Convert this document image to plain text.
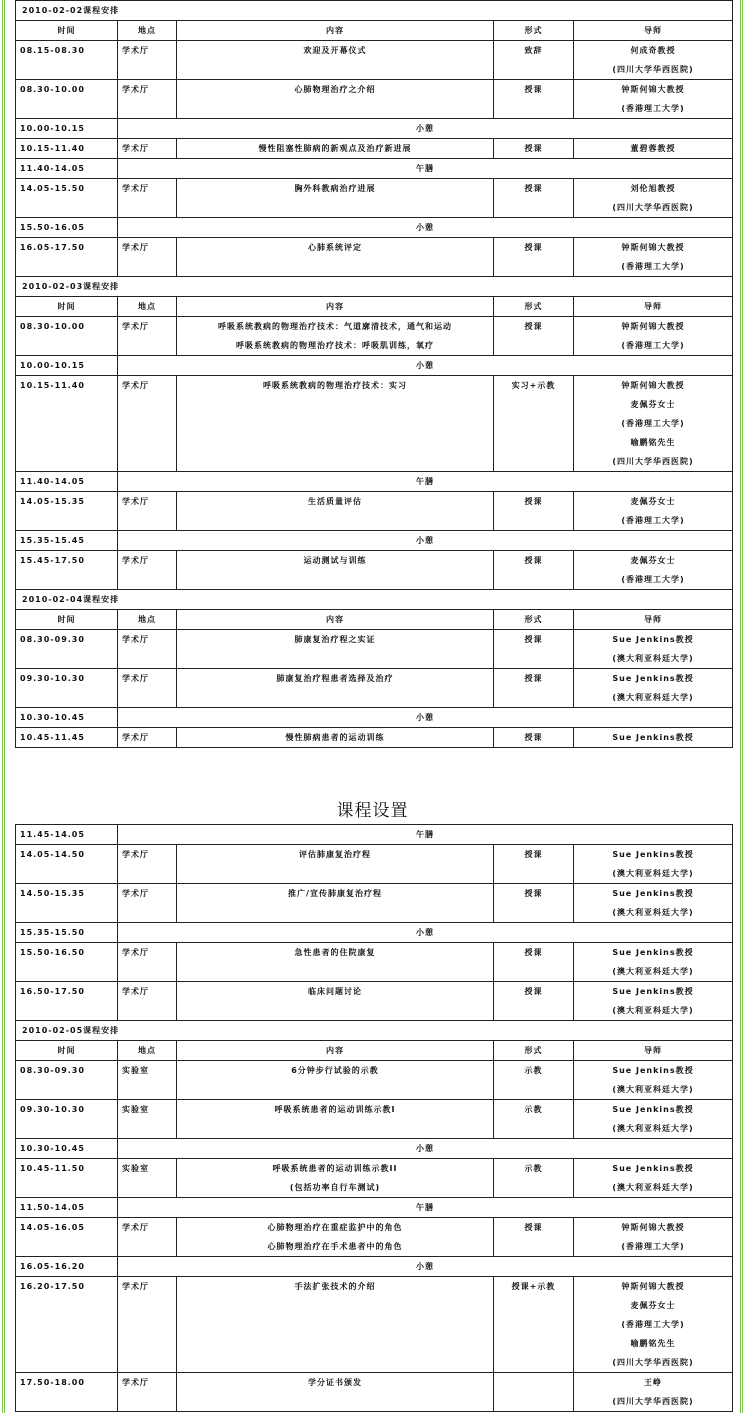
2010-02-02课程安排				
时间	地点	内容	形式	导师
08.15-08.30	学术厅	欢迎及开幕仪式	致辞	何成奇教授
(四川大学华西医院)

08.30-10.00	学术厅	心肺物理治疗之介绍	授课	钟斯何锦大教授
(香港理工大学)

10.00-10.15	小憩			
10.15-11.40	学术厅	慢性阻塞性肺病的新观点及治疗新进展	授课	董碧蓉教授

11.40-14.05	午膳			
14.05-15.50	学术厅	胸外科教病治疗进展	授课	刘伦旭教授
(四川大学华西医院)

15.50-16.05	小憩			
16.05-17.50	学术厅	心肺系统评定	授课	钟斯何锦大教授
(香港理工大学)

2010-02-03课程安排				
时间	地点	内容	形式	导师
08.30-10.00	学术厅	呼吸系统教病的物理治疗技术：气道廓清技术，通气和运动
呼吸系统教病的物理治疗技术：呼吸肌训练，氧疗	授课	钟斯何锦大教授
(香港理工大学)

10.00-10.15	小憩			
10.15-11.40	学术厅	呼吸系统教病的物理治疗技术：实习	实习+示教	钟斯何锦大教授
麦佩芬女士
(香港理工大学)
喻鹏铭先生
(四川大学华西医院)

11.40-14.05	午膳			
14.05-15.35	学术厅	生活质量评估	授课	麦佩芬女士
(香港理工大学)

15.35-15.45	小憩			
15.45-17.50	学术厅	运动测试与训练	授课	麦佩芬女士
(香港理工大学)

2010-02-04课程安排				
时间	地点	内容	形式	导师
08.30-09.30	学术厅	肺康复治疗程之实证	授课	Sue Jenkins教授
(澳大利亚科廷大学)

09.30-10.30	学术厅	肺康复治疗程患者选择及治疗	授课	Sue Jenkins教授
(澳大利亚科廷大学)

10.30-10.45	小憩			
10.45-11.45	学术厅	慢性肺病患者的运动训练	授课	Sue Jenkins教授
课程设置
11.45-14.05	午膳			
14.05-14.50	学术厅	评估肺康复治疗程	授课	Sue Jenkins教授
(澳大利亚科廷大学)

14.50-15.35	学术厅	推广/宣传肺康复治疗程	授课	Sue Jenkins教授
(澳大利亚科廷大学)

15.35-15.50	小憩			
15.50-16.50	学术厅	急性患者的住院康复	授课	Sue Jenkins教授
(澳大利亚科廷大学)

16.50-17.50	学术厅	临床问题讨论	授课	Sue Jenkins教授
(澳大利亚科廷大学)

2010-02-05课程安排				
时间	地点	内容	形式	导师
08.30-09.30	实验室	6分钟步行试验的示教	示教	Sue Jenkins教授
(澳大利亚科廷大学)

09.30-10.30	实验室	呼吸系统患者的运动训练示教I	示教	Sue Jenkins教授
(澳大利亚科廷大学)

10.30-10.45	小憩			
10.45-11.50	实验室	呼吸系统患者的运动训练示教II
(包括功率自行车测试)	示教	Sue Jenkins教授
(澳大利亚科廷大学)

11.50-14.05	午膳			
14.05-16.05	学术厅	心肺物理治疗在重症监护中的角色
心肺物理治疗在手术患者中的角色	授课	钟斯何锦大教授
(香港理工大学)

16.05-16.20	小憩			
16.20-17.50	学术厅	手法扩张技术的介绍	授课+示教	钟斯何锦大教授
麦佩芬女士
(香港理工大学)
喻鹏铭先生
(四川大学华西医院)

17.50-18.00	学术厅	学分证书颁发		王峥
(四川大学华西医院)
